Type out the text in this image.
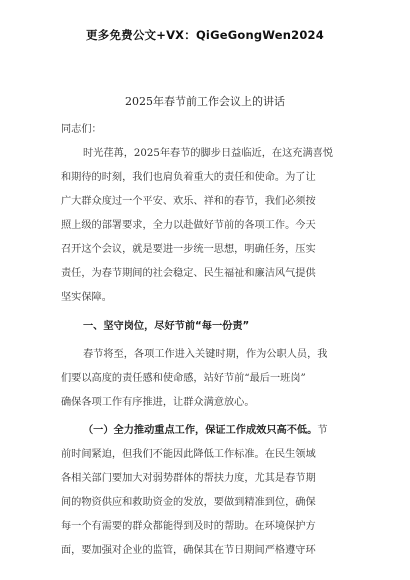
更多免费公文+VX：QiGeGongWen2024
2025年春节前工作会议上的讲话
同志们：
时光荏苒，2025年春节的脚步日益临近，在这充满喜悦
和期待的时刻，我们也肩负着重大的责任和使命。为了让
广大群众度过一个平安、欢乐、祥和的春节，我们必须按
照上级的部署要求，全力以赴做好节前的各项工作。今天
召开这个会议，就是要进一步统一思想，明确任务，压实
责任，为春节期间的社会稳定、民生福祉和廉洁风气提供
坚实保障。
一、坚守岗位，尽好节前“每一份责”
春节将至，各项工作进入关键时期，作为公职人员，我
们要以高度的责任感和使命感，站好节前“最后一班岗”
确保各项工作有序推进，让群众满意放心。
（一）全力推动重点工作，保证工作成效只高不低。节
前时间紧迫，但我们不能因此降低工作标准。在民生领域
各相关部门要加大对弱势群体的帮扶力度，尤其是春节期
间的物资供应和救助资金的发放，要做到精准到位，确保
每一个有需要的群众都能得到及时的帮助。在环境保护方
面，要加强对企业的监管，确保其在节日期间严格遵守环
